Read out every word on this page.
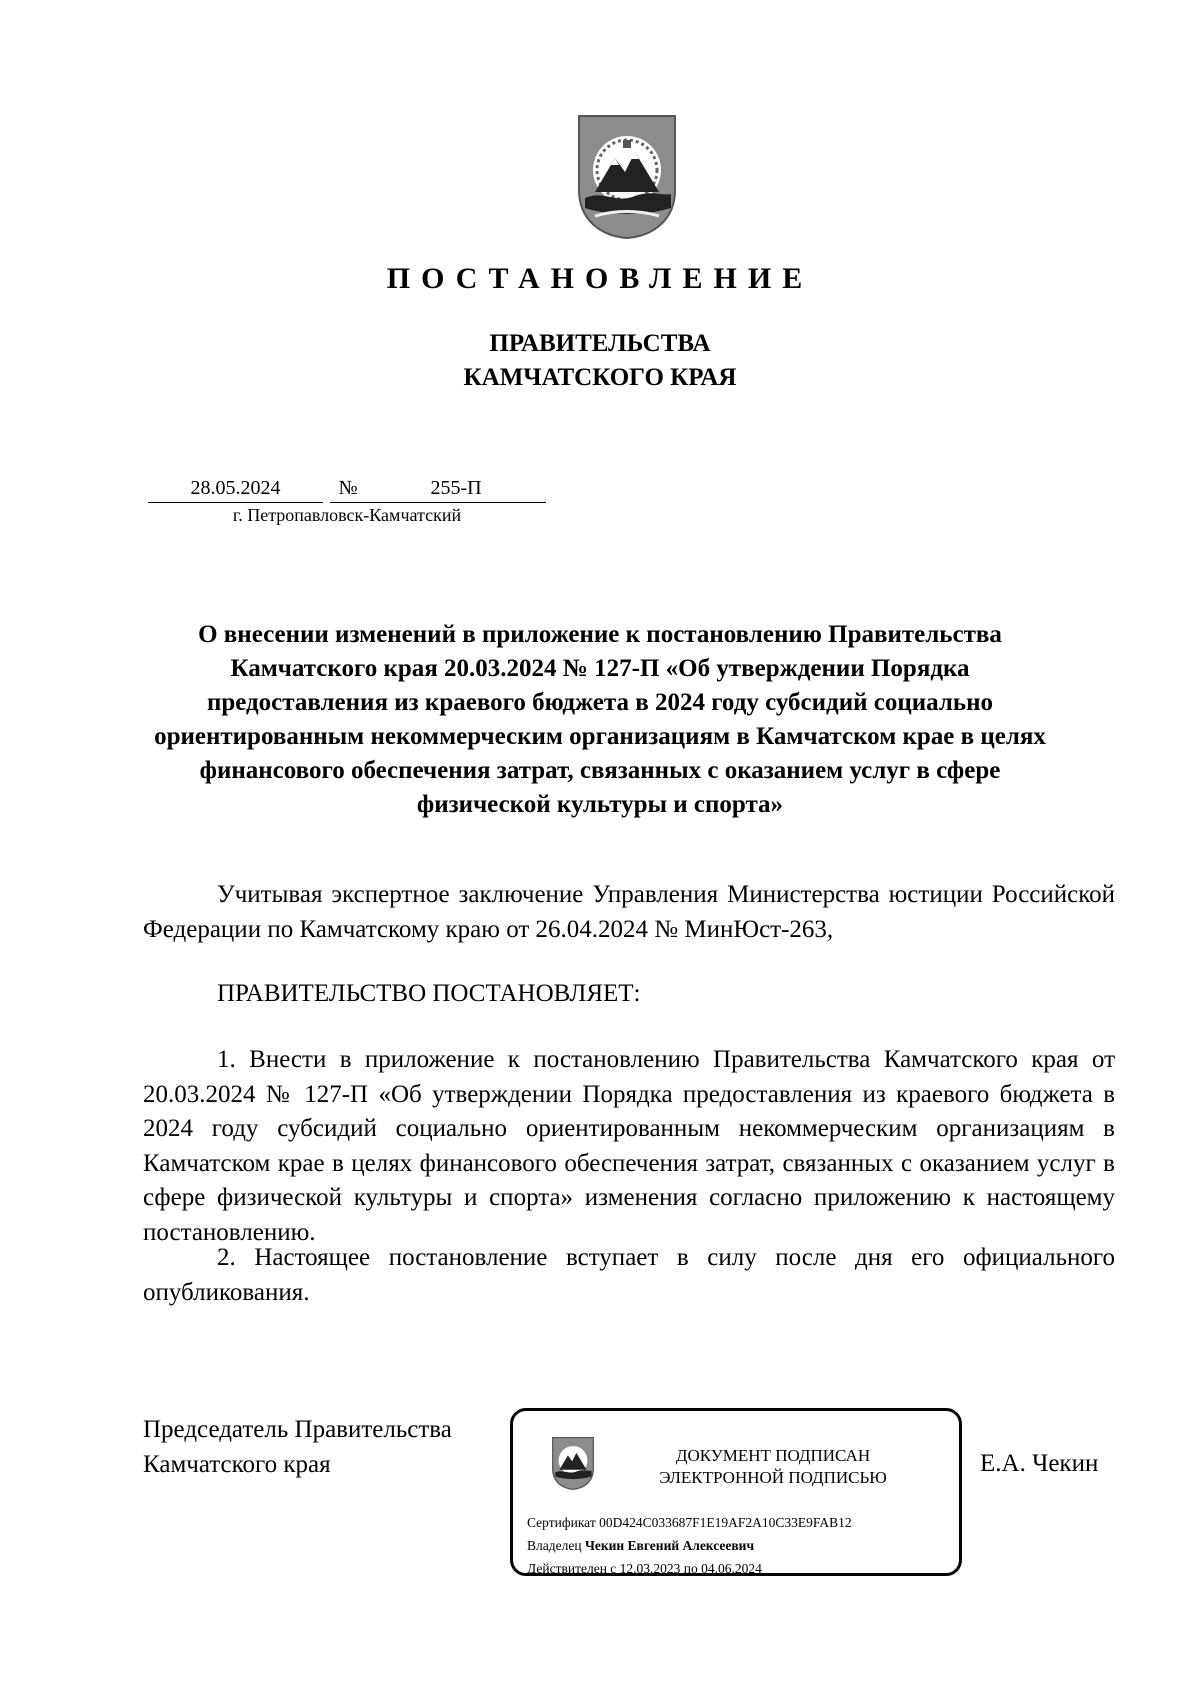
ПОСТАНОВЛЕНИЕ
ПРАВИТЕЛЬСТВА
КАМЧАТСКОГО КРАЯ
28.05.2024	№	255-П
г. Петропавловск-Камчатский
О внесении изменений в приложение к постановлению Правительства Камчатского края 20.03.2024 № 127-П «Об утверждении Порядка предоставления из краевого бюджета в 2024 году субсидий социально ориентированным некоммерческим организациям в Камчатском крае в целях финансового обеспечения затрат, связанных с оказанием услуг в сфере физической культуры и спорта»
Учитывая экспертное заключение Управления Министерства юстиции Российской Федерации по Камчатскому краю от 26.04.2024 № МинЮст-263,
ПРАВИТЕЛЬСТВО ПОСТАНОВЛЯЕТ:
1. Внести в приложение к постановлению Правительства Камчатского края от 20.03.2024 № 127-П «Об утверждении Порядка предоставления из краевого бюджета в 2024 году субсидий социально ориентированным некоммерческим организациям в Камчатском крае в целях финансового обеспечения затрат, связанных с оказанием услуг в сфере физической культуры и спорта» изменения согласно приложению к настоящему постановлению.
2. Настоящее постановление вступает в силу после дня его официального опубликования.
Председатель Правительства
Камчатского края	ДОКУМЕНТ ПОДПИСАН
ЭЛЕКТРОННОЙ ПОДПИСЬЮ
Сертификат 00D424C033687F1E19AF2A10C33E9FAB12
Владелец Чекин Евгений Алексеевич
Действителен с 12.03.2023 по 04.06.2024
Е.А. Чекин
